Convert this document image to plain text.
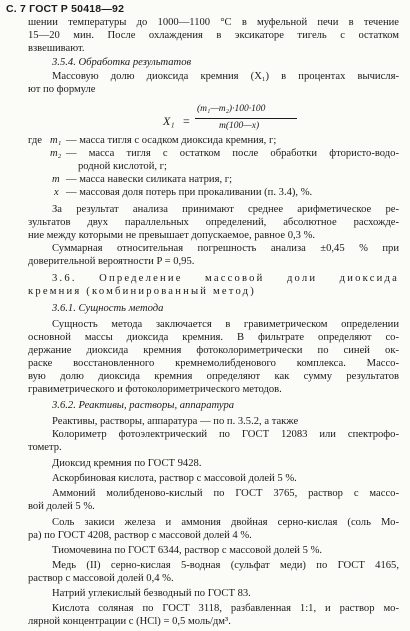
С. 7 ГОСТ Р 50418—92
шении температуры до 1000—1100 °С в муфельной печи в течение
15—20 мин. После охлаждения в эксикаторе тигель с остатком
взвешивают.
3.5.4. Обработка результатов
Массовую долю диоксида кремния (X₁) в процентах вычисля-
ют по формуле
X₁ =
(m₁—m₂)·100·100
m(100—x)
где m₁ — масса тигля с осадком диоксида кремния, г;
m₂ — масса тигля с остатком после обработки фтористо-водо-
родной кислотой, г;
m — масса навески силиката натрия, г;
x — массовая доля потерь при прокаливании (п. 3.4), %.
За результат анализа принимают среднее арифметическое ре-
зультатов двух параллельных определений, абсолютное расхожде-
ние между которыми не превышает допускаемое, равное 0,3 %.
Суммарная относительная погрешность анализа ±0,45 % при
доверительной вероятности P = 0,95.
3.6. Определение массовой доли диоксида
кремния (комбинированный метод)
3.6.1. Сущность метода
Сущность метода заключается в гравиметрическом определении
основной массы диоксида кремния. В фильтрате определяют со-
держание диоксида кремния фотоколориметрически по синей ок-
раске восстановленного кремнемолибденового комплекса. Массо-
вую долю диоксида кремния определяют как сумму результатов
гравиметрического и фотоколориметрического методов.
3.6.2. Реактивы, растворы, аппаратура
Реактивы, растворы, аппаратура — по п. 3.5.2, а также
Колориметр фотоэлектрический по ГОСТ 12083 или спектрофо-
тометр.
Диоксид кремния по ГОСТ 9428.
Аскорбиновая кислота, раствор с массовой долей 5 %.
Аммоний молибденово-кислый по ГОСТ 3765, раствор с массо-
вой долей 5 %.
Соль закиси железа и аммония двойная серно-кислая (соль Мо-
ра) по ГОСТ 4208, раствор с массовой долей 4 %.
Тиомочевина по ГОСТ 6344, раствор с массовой долей 5 %.
Медь (II) серно-кислая 5-водная (сульфат меди) по ГОСТ 4165,
раствор с массовой долей 0,4 %.
Натрий углекислый безводный по ГОСТ 83.
Кислота соляная по ГОСТ 3118, разбавленная 1:1, и раствор мо-
лярной концентрации c (HCl) = 0,5 моль/дм³.
